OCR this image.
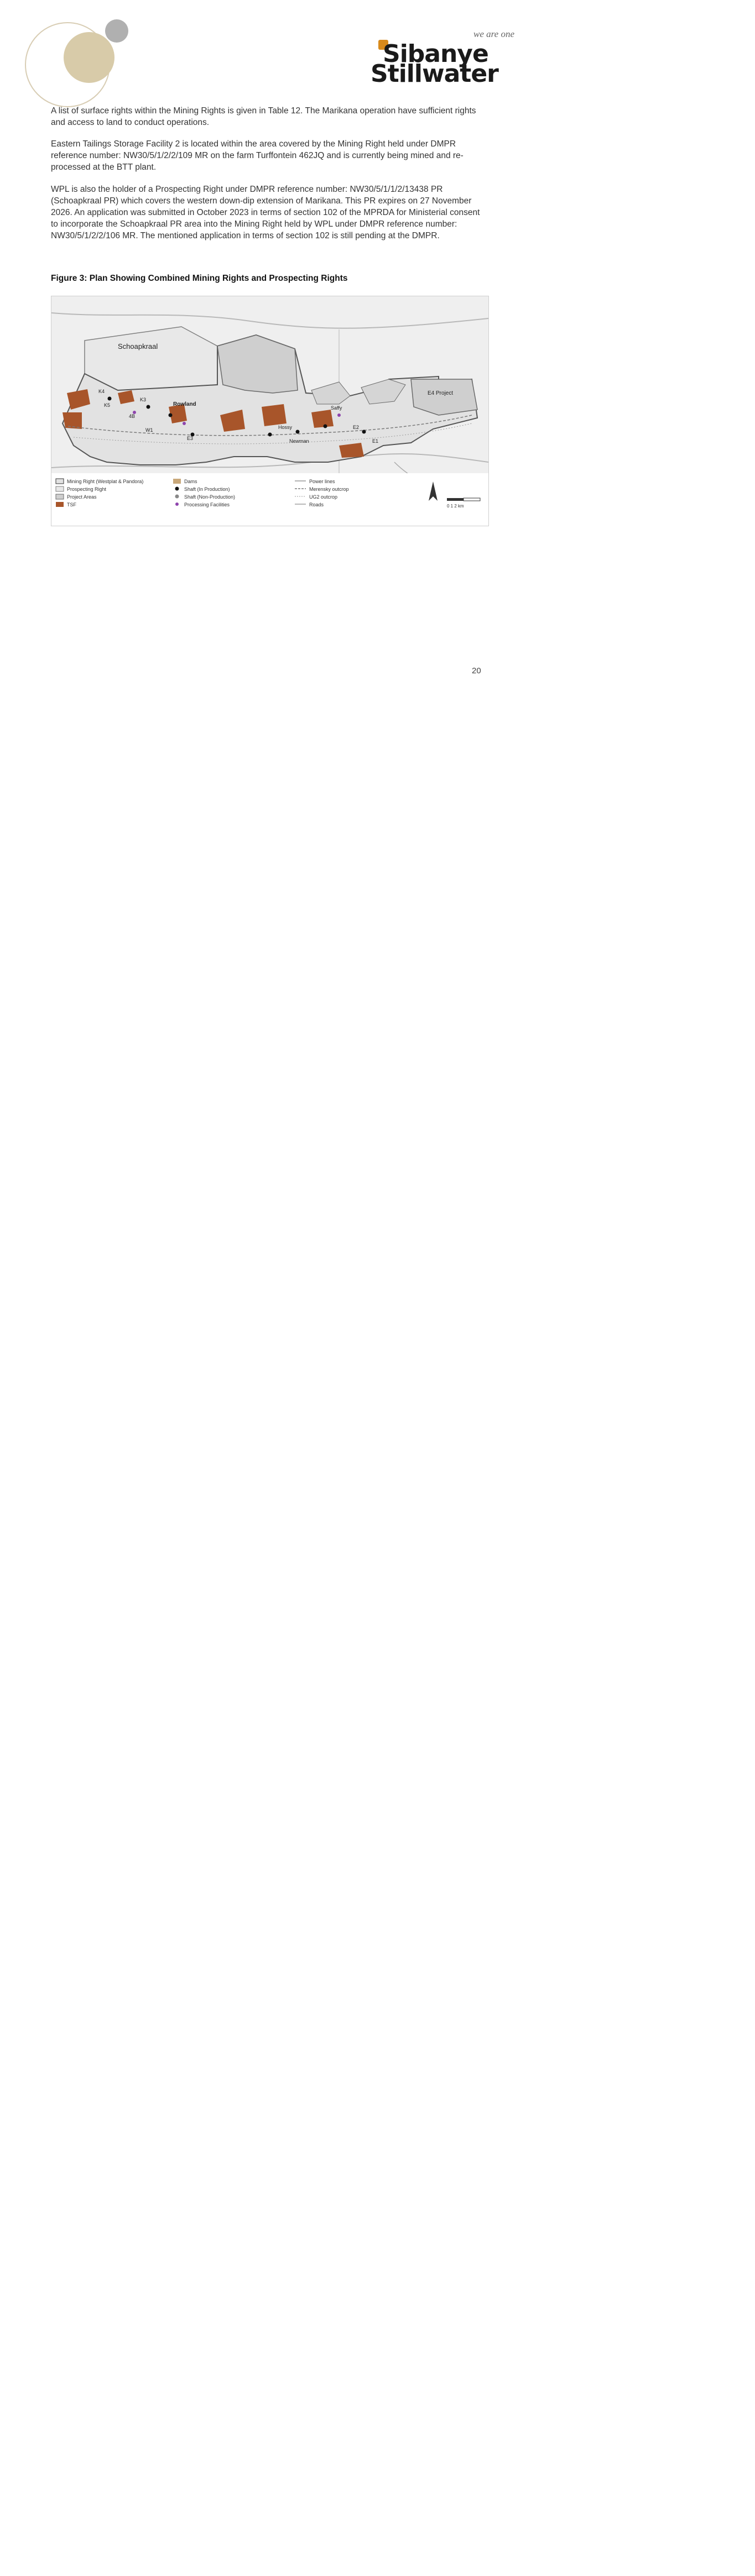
we are one
Sibanye
Stillwater

A list of surface rights within the Mining Rights is given in Table 12. The Marikana operation have sufficient rights and access to land to conduct operations.

Eastern Tailings Storage Facility 2 is located within the area covered by the Mining Right held under DMPR reference number: NW30/5/1/2/2/109 MR on the farm Turffontein 462JQ and is currently being mined and re-processed at the BTT plant.

WPL is also the holder of a Prospecting Right under DMPR reference number: NW30/5/1/1/2/13438 PR (Schoapkraal PR) which covers the western down-dip extension of Marikana. This PR expires on 27 November 2026. An application was submitted in October 2023 in terms of section 102 of the MPRDA for Ministerial consent to incorporate the Schoapkraal PR area into the Mining Right held by WPL under DMPR reference number: NW30/5/1/2/2/106 MR. The mentioned application in terms of section 102 is still pending at the DMPR.

Figure 3: Plan Showing Combined Mining Rights and Prospecting Rights
Schoapkraal
E4 Project
Rowland
K4
K3
E3
Saffy
Hossy
Newman
E2
E1
W1
4B
K5
Mining Right (Westplat & Pandora)
Prospecting Right
Project Areas
TSF
Dams
Shaft (In Production)
Shaft (Non-Production)
Processing Facilities
Power lines
Merensky outcrop
UG2 outcrop
Roads	0 1 2 km
20
